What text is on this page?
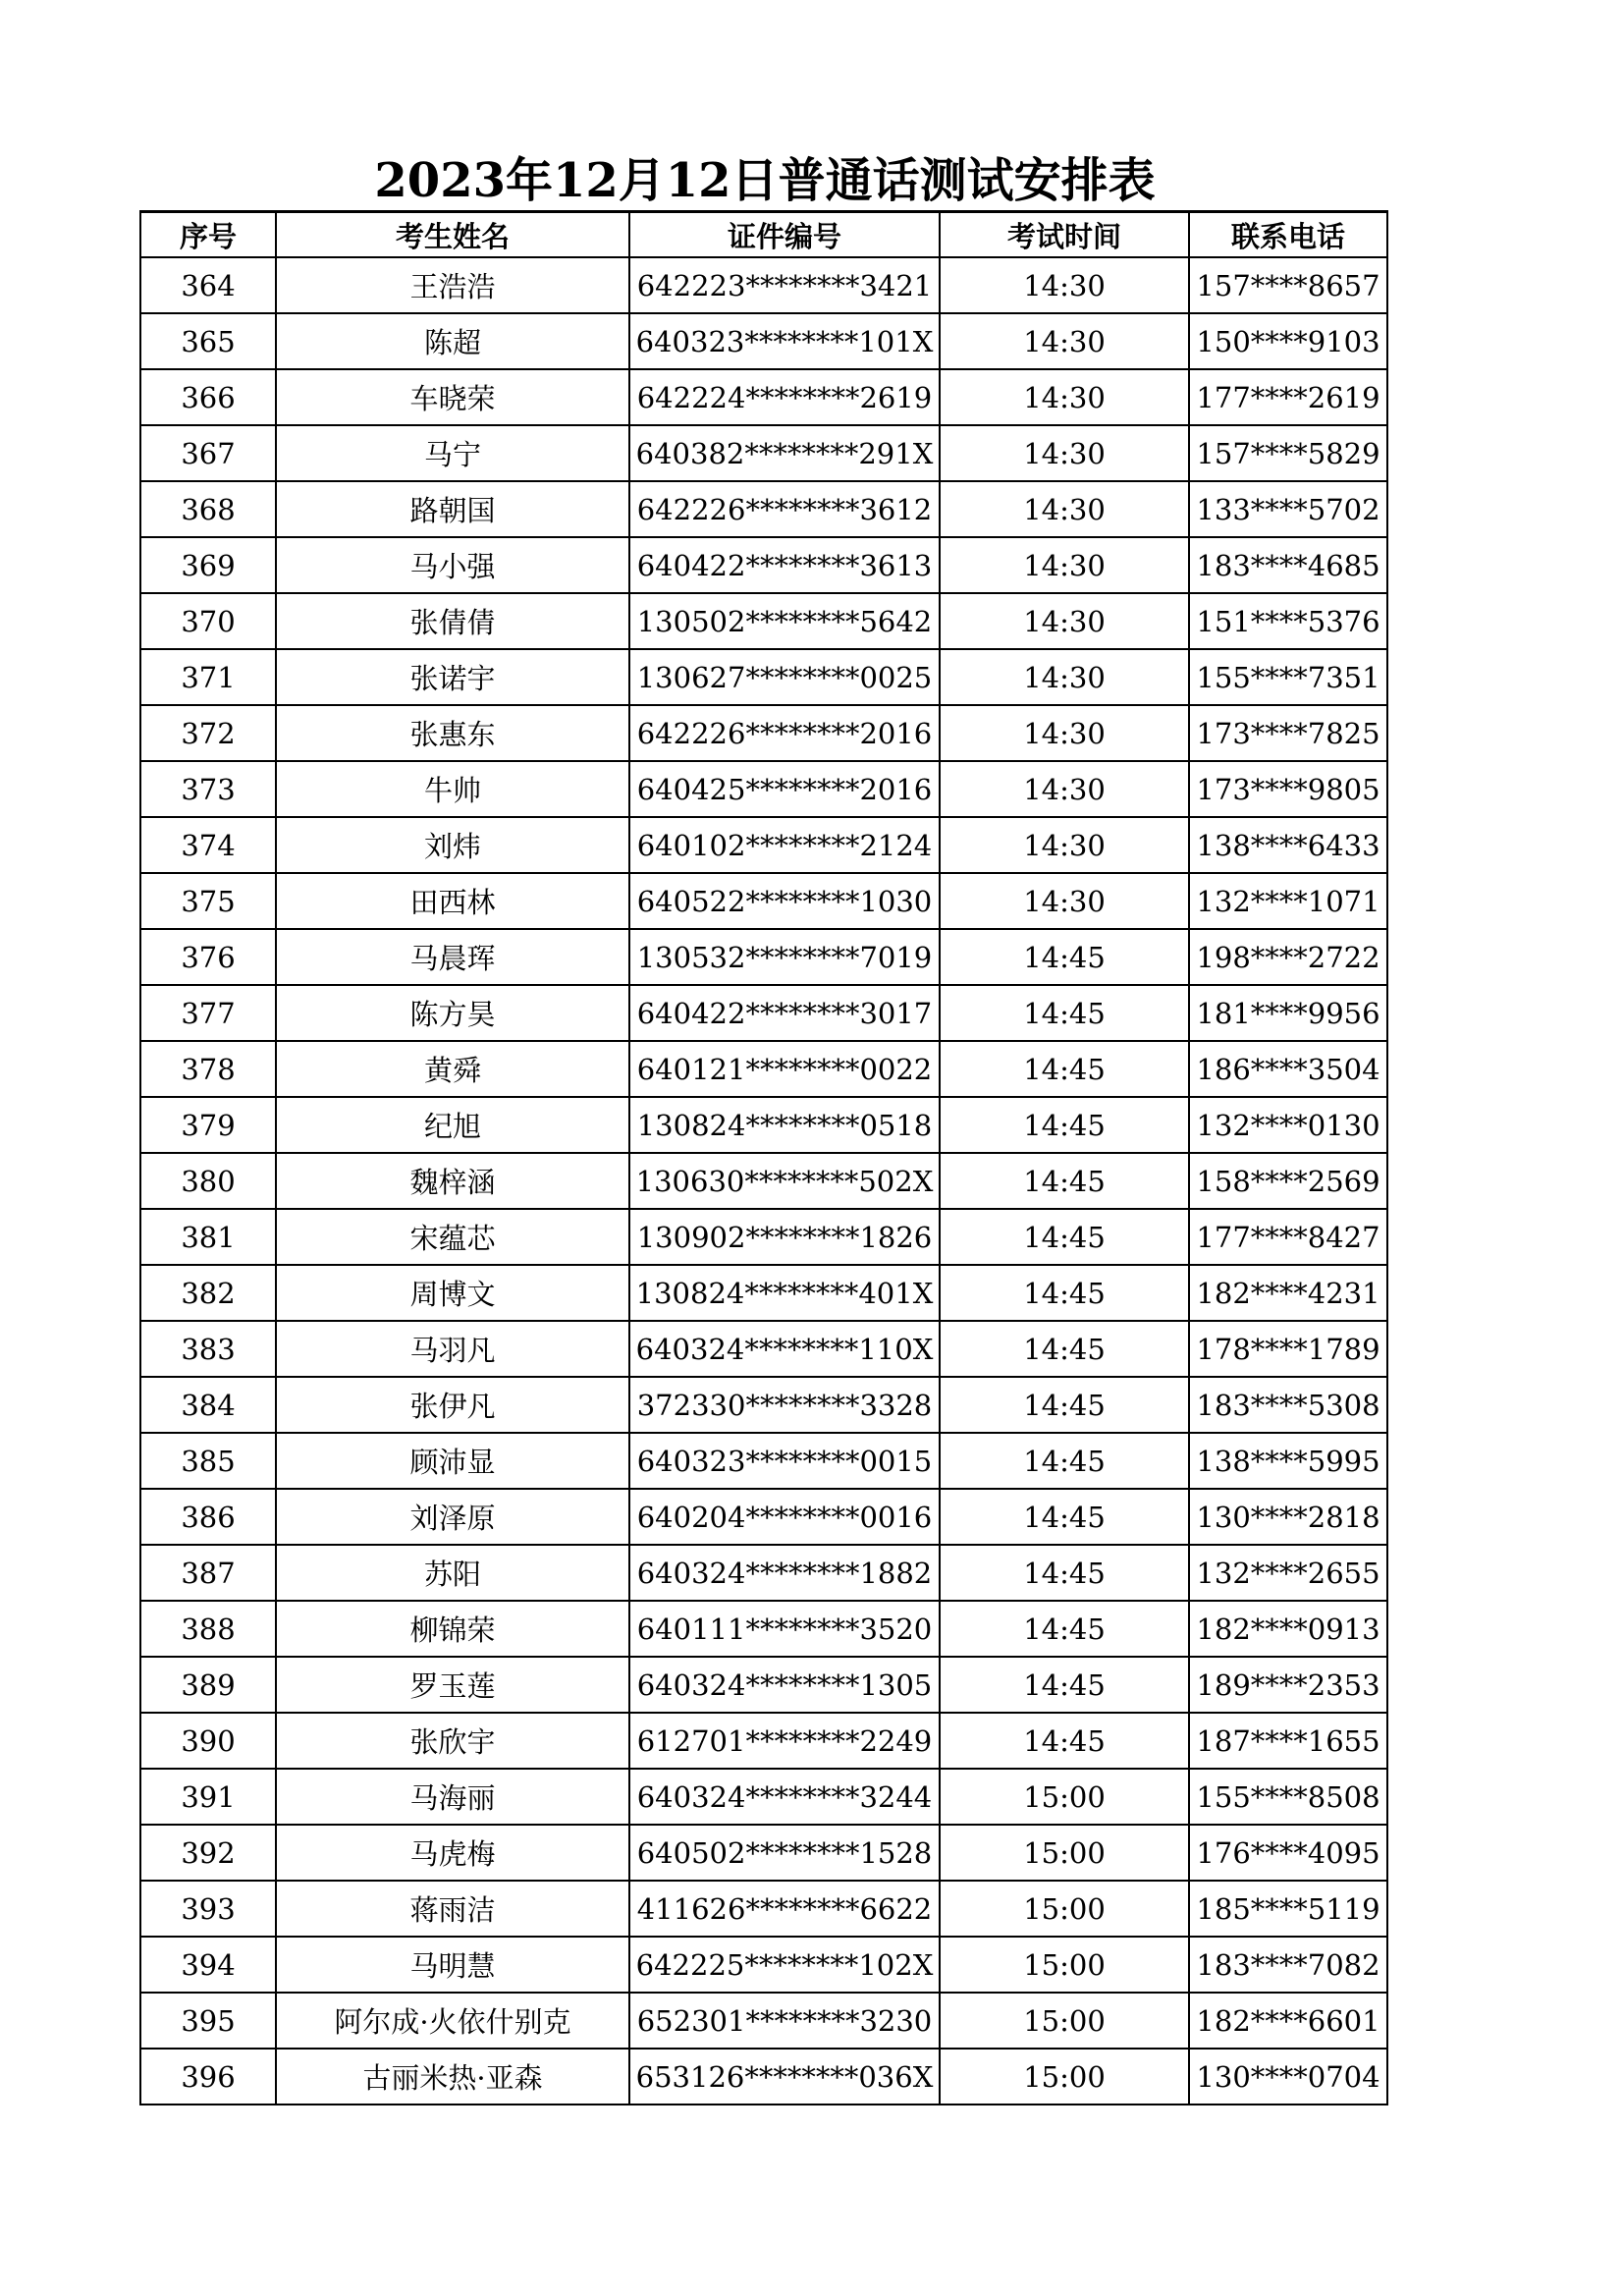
2023年12月12日普通话测试安排表
序号	考生姓名	证件编号	考试时间	联系电话
364	王浩浩	642223********3421	14:30	157****8657
365	陈超	640323********101X	14:30	150****9103
366	车晓荣	642224********2619	14:30	177****2619
367	马宁	640382********291X	14:30	157****5829
368	路朝国	642226********3612	14:30	133****5702
369	马小强	640422********3613	14:30	183****4685
370	张倩倩	130502********5642	14:30	151****5376
371	张诺宇	130627********0025	14:30	155****7351
372	张惠东	642226********2016	14:30	173****7825
373	牛帅	640425********2016	14:30	173****9805
374	刘炜	640102********2124	14:30	138****6433
375	田西林	640522********1030	14:30	132****1071
376	马晨珲	130532********7019	14:45	198****2722
377	陈方昊	640422********3017	14:45	181****9956
378	黄舜	640121********0022	14:45	186****3504
379	纪旭	130824********0518	14:45	132****0130
380	魏梓涵	130630********502X	14:45	158****2569
381	宋蕴芯	130902********1826	14:45	177****8427
382	周博文	130824********401X	14:45	182****4231
383	马羽凡	640324********110X	14:45	178****1789
384	张伊凡	372330********3328	14:45	183****5308
385	顾沛显	640323********0015	14:45	138****5995
386	刘泽原	640204********0016	14:45	130****2818
387	苏阳	640324********1882	14:45	132****2655
388	柳锦荣	640111********3520	14:45	182****0913
389	罗玉莲	640324********1305	14:45	189****2353
390	张欣宇	612701********2249	14:45	187****1655
391	马海丽	640324********3244	15:00	155****8508
392	马虎梅	640502********1528	15:00	176****4095
393	蒋雨洁	411626********6622	15:00	185****5119
394	马明慧	642225********102X	15:00	183****7082
395	阿尔成·火依什别克	652301********3230	15:00	182****6601
396	古丽米热·亚森	653126********036X	15:00	130****0704
